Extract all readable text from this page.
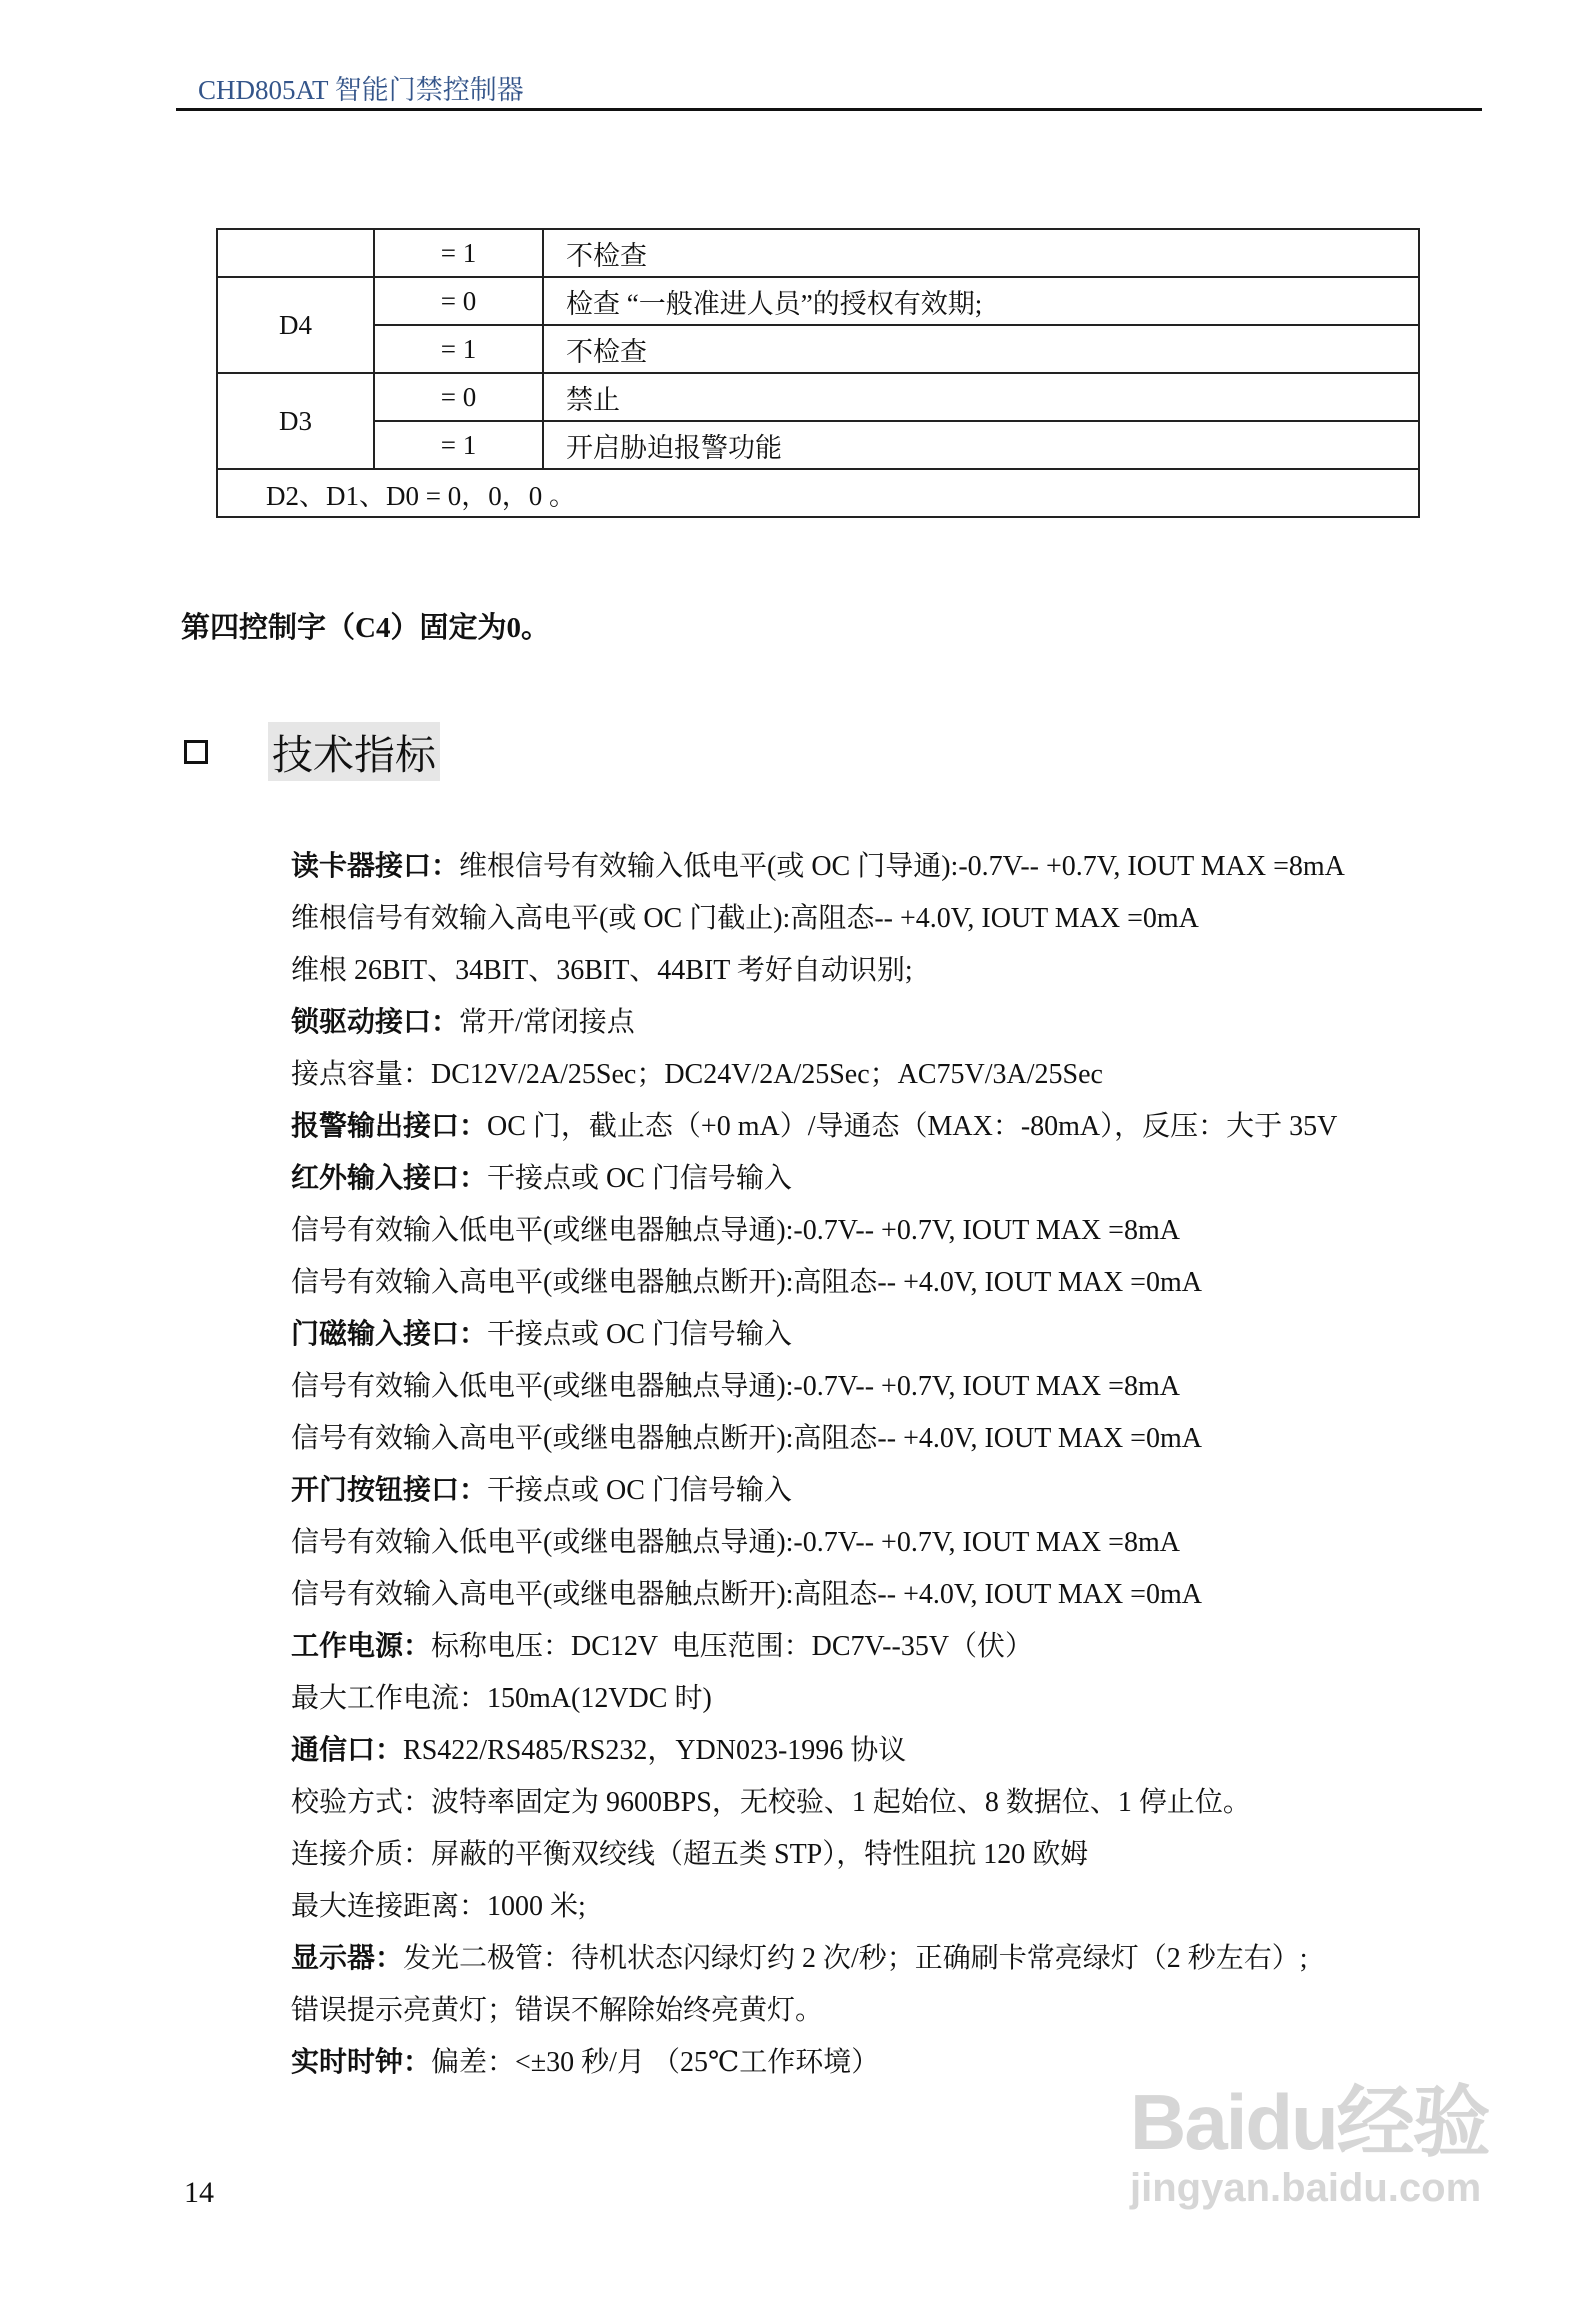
CHD805AT 智能门禁控制器
	= 1	不检查
D4	= 0	检查 “一般准进人员”的授权有效期;
	= 1	不检查
D3	= 0	禁止
	= 1	开启胁迫报警功能
D2、D1、D0 = 0，0，0 。		
第四控制字（C4）固定为0。
技术指标
读卡器接口：维根信号有效输入低电平(或 OC 门导通):-0.7V-- +0.7V, IOUT MAX =8mA
维根信号有效输入高电平(或 OC 门截止):高阻态-- +4.0V, IOUT MAX =0mA
维根 26BIT、34BIT、36BIT、44BIT 考好自动识别;
锁驱动接口：常开/常闭接点
接点容量：DC12V/2A/25Sec；DC24V/2A/25Sec；AC75V/3A/25Sec
报警输出接口：OC 门，截止态（+0 mA）/导通态（MAX：-80mA），反压：大于 35V
红外输入接口：干接点或 OC 门信号输入
信号有效输入低电平(或继电器触点导通):-0.7V-- +0.7V, IOUT MAX =8mA
信号有效输入高电平(或继电器触点断开):高阻态-- +4.0V, IOUT MAX =0mA
门磁输入接口：干接点或 OC 门信号输入
信号有效输入低电平(或继电器触点导通):-0.7V-- +0.7V, IOUT MAX =8mA
信号有效输入高电平(或继电器触点断开):高阻态-- +4.0V, IOUT MAX =0mA
开门按钮接口：干接点或 OC 门信号输入
信号有效输入低电平(或继电器触点导通):-0.7V-- +0.7V, IOUT MAX =8mA
信号有效输入高电平(或继电器触点断开):高阻态-- +4.0V, IOUT MAX =0mA
工作电源：标称电压：DC12V  电压范围：DC7V--35V（伏）
最大工作电流：150mA(12VDC 时)
通信口：RS422/RS485/RS232，YDN023-1996 协议
校验方式：波特率固定为 9600BPS，无校验、1 起始位、8 数据位、1 停止位。
连接介质：屏蔽的平衡双绞线（超五类 STP），特性阻抗 120 欧姆
最大连接距离：1000 米;
显示器：发光二极管：待机状态闪绿灯约 2 次/秒；正确刷卡常亮绿灯（2 秒左右）;
错误提示亮黄灯；错误不解除始终亮黄灯。
实时时钟：偏差：<±30 秒/月 （25℃工作环境）
14
Baidu经验
jingyan.baidu.com
